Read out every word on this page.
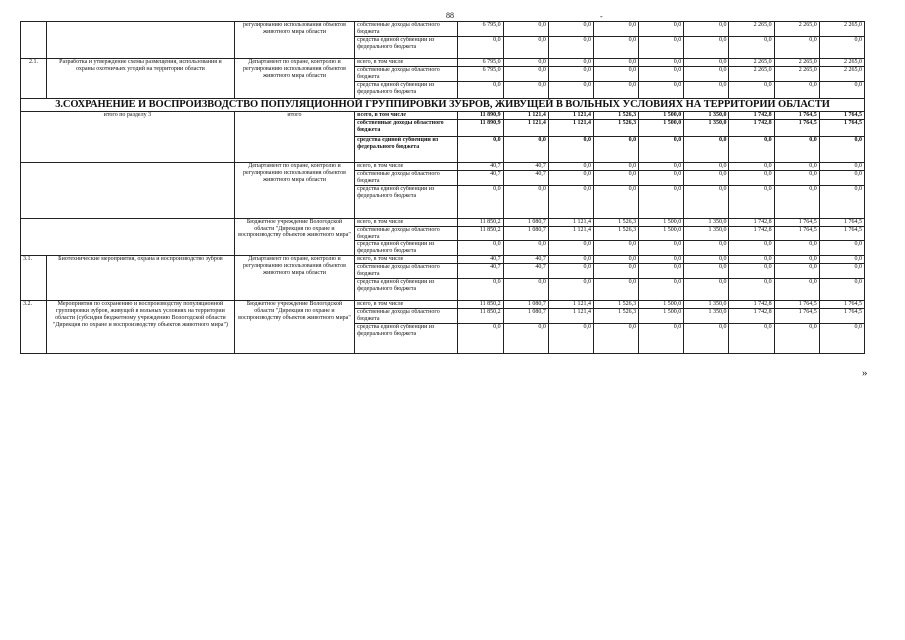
88	-
		регулированию использования объектов животного мира области	собственные доходы областного бюджета	6 795,0	0,0	0,0	0,0	0,0	0,0	2 265,0	2 265,0	2 265,0
			средства единой субвенции из федерального бюджета	0,0	0,0	0,0	0,0	0,0	0,0	0,0	0,0	0,0
2.1.	Разработка и утверждение схемы размещения, использования и охраны охотничьих угодий на территории области	Департамент по охране, контролю и регулированию использования объектов животного мира области	всего, в том числе	6 795,0	0,0	0,0	0,0	0,0	0,0	2 265,0	2 265,0	2 265,0
			собственные доходы областного бюджета	6 795,0	0,0	0,0	0,0	0,0	0,0	2 265,0	2 265,0	2 265,0
			средства единой субвенции из федерального бюджета	0,0	0,0	0,0	0,0	0,0	0,0	0,0	0,0	0,0
3.СОХРАНЕНИЕ И ВОСПРОИЗВОДСТВО ПОПУЛЯЦИОННОЙ ГРУППИРОВКИ ЗУБРОВ, ЖИВУЩЕЙ В ВОЛЬНЫХ УСЛОВИЯХ НА ТЕРРИТОРИИ ОБЛАСТИ												
итого по разделу 3		итого	всего, в том числе	11 890,9	1 121,4	1 121,4	1 526,3	1 500,0	1 350,0	1 742,8	1 764,5	1 764,5
			собственные доходы областного бюджета	11 890,9	1 121,4	1 121,4	1 526,3	1 500,0	1 350,0	1 742,8	1 764,5	1 764,5
			средства единой субвенции из федерального бюджета	0,0	0,0	0,0	0,0	0,0	0,0	0,0	0,0	0,0
		Департамент по охране, контролю и регулированию использования объектов животного мира области	всего, в том числе	40,7	40,7	0,0	0,0	0,0	0,0	0,0	0,0	0,0
			собственные доходы областного бюджета	40,7	40,7	0,0	0,0	0,0	0,0	0,0	0,0	0,0
			средства единой субвенции из федерального бюджета	0,0	0,0	0,0	0,0	0,0	0,0	0,0	0,0	0,0
		Бюджетное учреждение Вологодской области "Дирекция по охране и воспроизводству объектов животного мира"	всего, в том числе	11 850,2	1 080,7	1 121,4	1 526,3	1 500,0	1 350,0	1 742,8	1 764,5	1 764,5
			собственные доходы областного бюджета	11 850,2	1 080,7	1 121,4	1 526,3	1 500,0	1 350,0	1 742,8	1 764,5	1 764,5
			средства единой субвенции из федерального бюджета	0,0	0,0	0,0	0,0	0,0	0,0	0,0	0,0	0,0
3.1.	Биотехнические мероприятия, охрана и воспроизводство зубров	Департамент по охране, контролю и регулированию использования объектов животного мира области	всего, в том числе	40,7	40,7	0,0	0,0	0,0	0,0	0,0	0,0	0,0
			собственные доходы областного бюджета	40,7	40,7	0,0	0,0	0,0	0,0	0,0	0,0	0,0
			средства единой субвенции из федерального бюджета	0,0	0,0	0,0	0,0	0,0	0,0	0,0	0,0	0,0
3.2.	Мероприятия по сохранению и воспроизводству популяционной группировки зубров, живущей в вольных условиях на территории области (субсидия бюджетному учреждению Вологодской области "Дирекция по охране и воспроизводству объектов животного мира")	Бюджетное учреждение Вологодской области "Дирекция по охране и воспроизводству объектов животного мира"	всего, в том числе	11 850,2	1 080,7	1 121,4	1 526,3	1 500,0	1 350,0	1 742,8	1 764,5	1 764,5
			собственные доходы областного бюджета	11 850,2	1 080,7	1 121,4	1 526,3	1 500,0	1 350,0	1 742,8	1 764,5	1 764,5
			средства единой субвенции из федерального бюджета	0,0	0,0	0,0	0,0	0,0	0,0	0,0	0,0	0,0
»
